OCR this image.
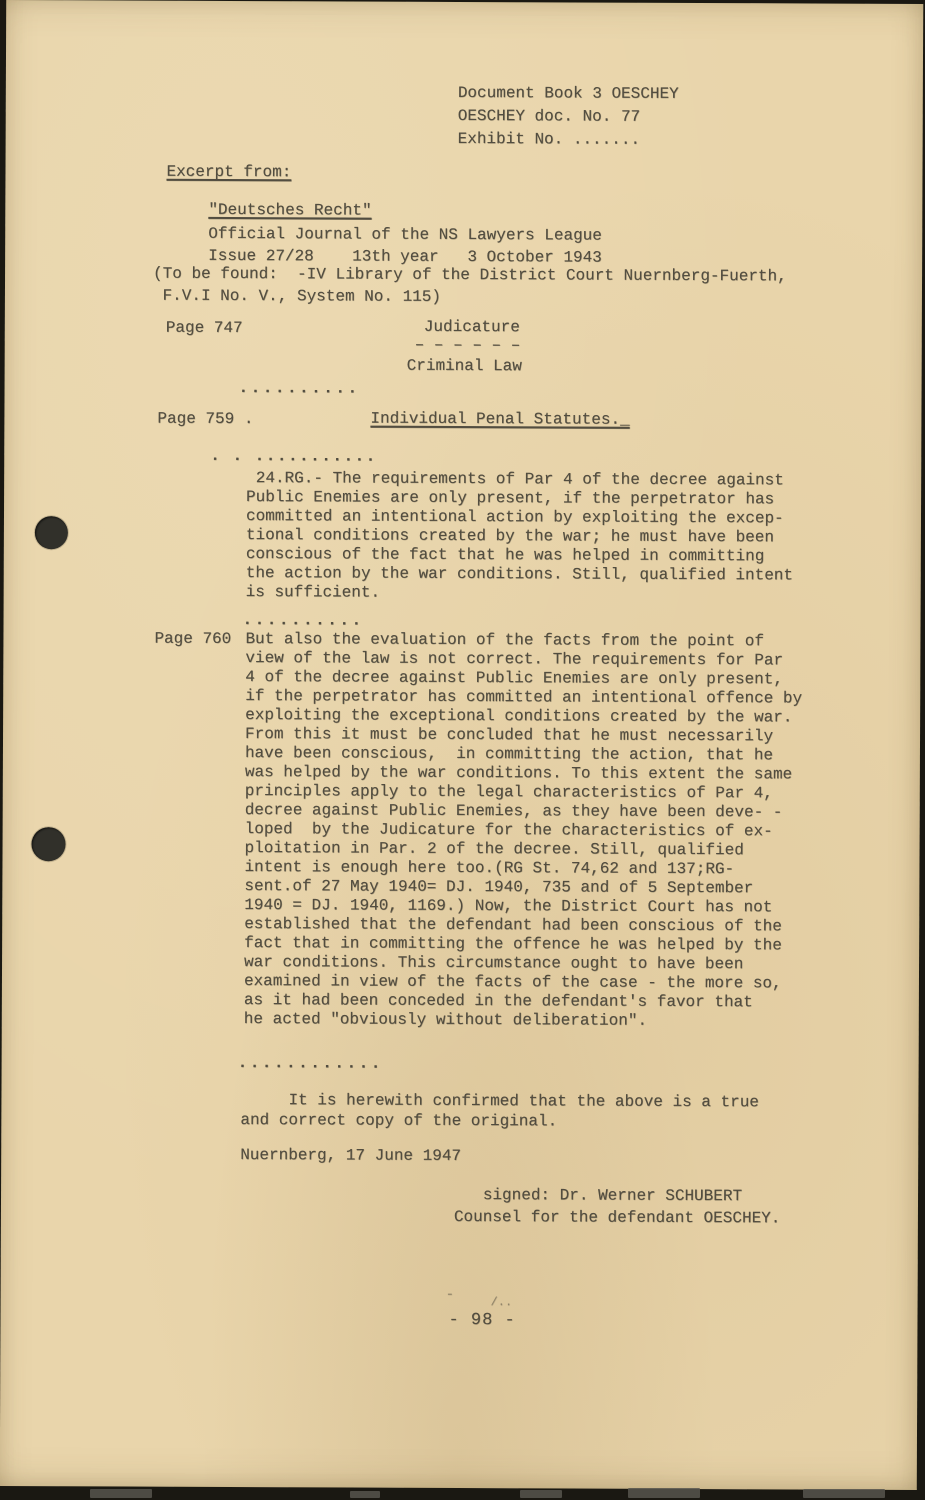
Document Book 3 OESCHEY
OESCHEY doc. No. 77
Exhibit No. .......
Excerpt from:
"Deutsches Recht"
Official Journal of the NS Lawyers League
Issue 27/28    13th year   3 October 1943
(To be found:  -IV Library of the District Court Nuernberg-Fuerth,
F.V.I No. V., System No. 115)
Page 747	Judicature
– – – – – –
Criminal Law
..........
Page 759 .	Individual Penal Statutes._
. . ...........
24.RG.- The requirements of Par 4 of the decree against
Public Enemies are only present, if the perpetrator has
committed an intentional action by exploiting the excep-
tional conditions created by the war; he must have been
conscious of the fact that he was helped in committing
the action by the war conditions. Still, qualified intent
is sufficient.
..........
Page 760 But also the evaluation of the facts from the point of
view of the law is not correct. The requirements for Par
4 of the decree against Public Enemies are only present,
if the perpetrator has committed an intentional offence by
exploiting the exceptional conditions created by the war.
From this it must be concluded that he must necessarily
have been conscious,  in committing the action, that he
was helped by the war conditions. To this extent the same
principles apply to the legal characteristics of Par 4,
decree against Public Enemies, as they have been deve- -
loped  by the Judicature for the characteristics of ex-
ploitation in Par. 2 of the decree. Still, qualified
intent is enough here too.(RG St. 74,62 and 137;RG-
sent.of 27 May 1940= DJ. 1940, 735 and of 5 September
1940 = DJ. 1940, 1169.) Now, the District Court has not
established that the defendant had been conscious of the
fact that in committing the offence he was helped by the
war conditions. This circumstance ought to have been
examined in view of the facts of the case - the more so,
as it had been conceded in the defendant's favor that
he acted "obviously without deliberation".
............
It is herewith confirmed that the above is a true
and correct copy of the original.
Nuernberg, 17 June 1947
signed: Dr. Werner SCHUBERT
Counsel for the defendant OESCHEY.
-	/..
- 98 -
